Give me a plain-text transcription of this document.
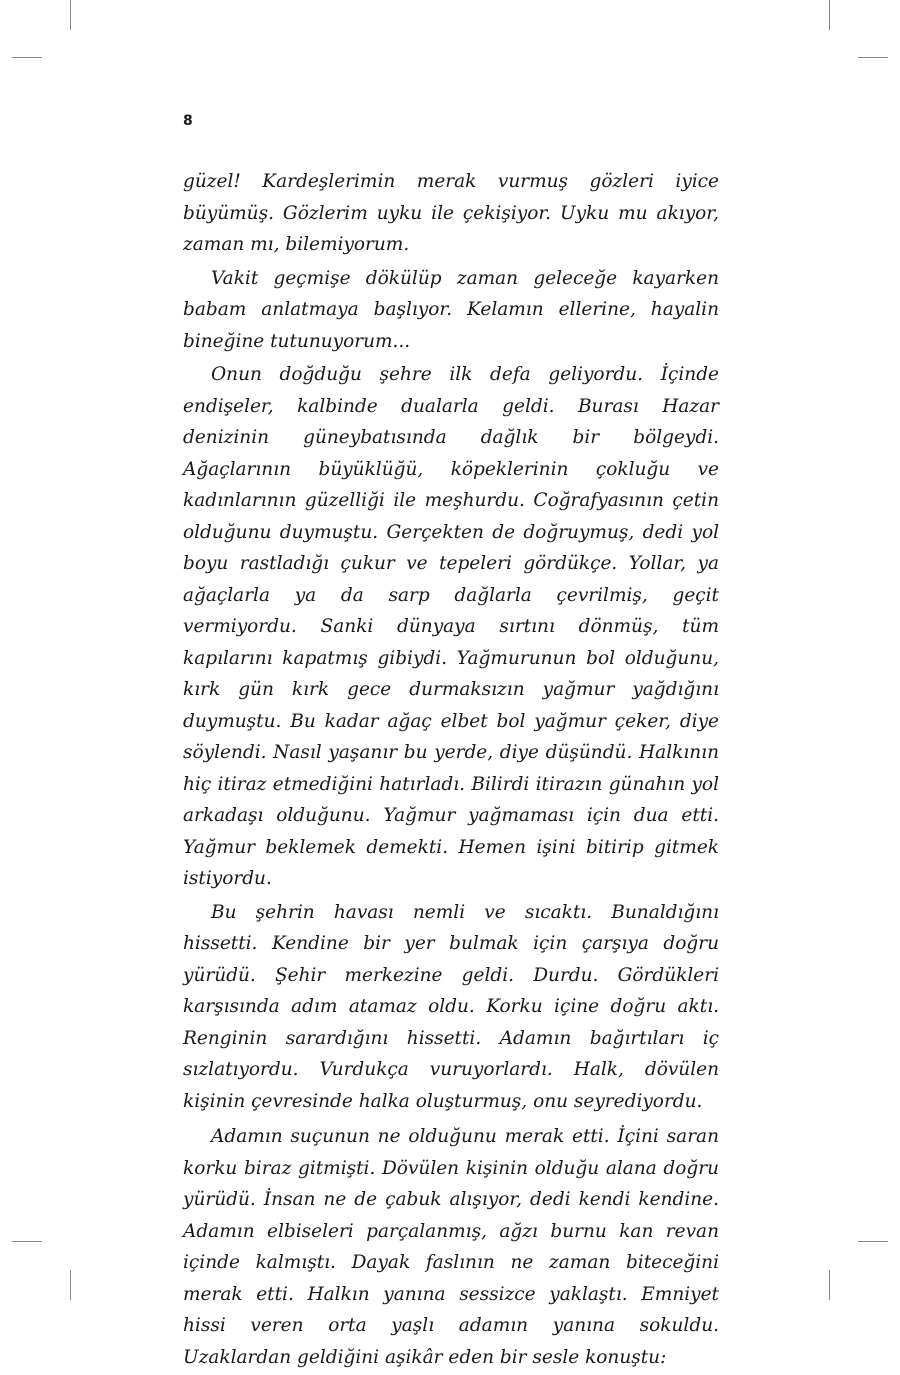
8

güzel! Kardeşlerimin merak vurmuş gözleri iyice büyümüş. Gözlerim uyku ile çekişiyor. Uyku mu akıyor, zaman mı, bilemiyorum.

Vakit geçmişe dökülüp zaman geleceğe kayarken babam anlatmaya başlıyor. Kelamın ellerine, hayalin bineğine tutunuyorum...

Onun doğduğu şehre ilk defa geliyordu. İçinde endişeler, kalbinde dualarla geldi. Burası Hazar denizinin güneybatısında dağlık bir bölgeydi. Ağaçlarının büyüklüğü, köpeklerinin çokluğu ve kadınlarının güzelliği ile meşhurdu. Coğrafyasının çetin olduğunu duymuştu. Gerçekten de doğruymuş, dedi yol boyu rastladığı çukur ve tepeleri gördükçe. Yollar, ya ağaçlarla ya da sarp dağlarla çevrilmiş, geçit vermiyordu. Sanki dünyaya sırtını dönmüş, tüm kapılarını kapatmış gibiydi. Yağmurunun bol olduğunu, kırk gün kırk gece durmaksızın yağmur yağdığını duymuştu. Bu kadar ağaç elbet bol yağmur çeker, diye söylendi. Nasıl yaşanır bu yerde, diye düşündü. Halkının hiç itiraz etmediğini hatırladı. Bilirdi itirazın günahın yol arkadaşı olduğunu. Yağmur yağmaması için dua etti. Yağmur beklemek demekti. Hemen işini bitirip gitmek istiyordu.

Bu şehrin havası nemli ve sıcaktı. Bunaldığını hissetti. Kendine bir yer bulmak için çarşıya doğru yürüdü. Şehir merkezine geldi. Durdu. Gördükleri karşısında adım atamaz oldu. Korku içine doğru aktı. Renginin sarardığını hissetti. Adamın bağırtıları iç sızlatıyordu. Vurdukça vuruyorlardı. Halk, dövülen kişinin çevresinde halka oluşturmuş, onu seyrediyordu.

Adamın suçunun ne olduğunu merak etti. İçini saran korku biraz gitmişti. Dövülen kişinin olduğu alana doğru yürüdü. İnsan ne de çabuk alışıyor, dedi kendi kendine. Adamın elbiseleri parçalanmış, ağzı burnu kan revan içinde kalmıştı. Dayak faslının ne zaman biteceğini merak etti. Halkın yanına sessizce yaklaştı. Emniyet hissi veren orta yaşlı adamın yanına sokuldu. Uzaklardan geldiğini aşikâr eden bir sesle konuştu:
